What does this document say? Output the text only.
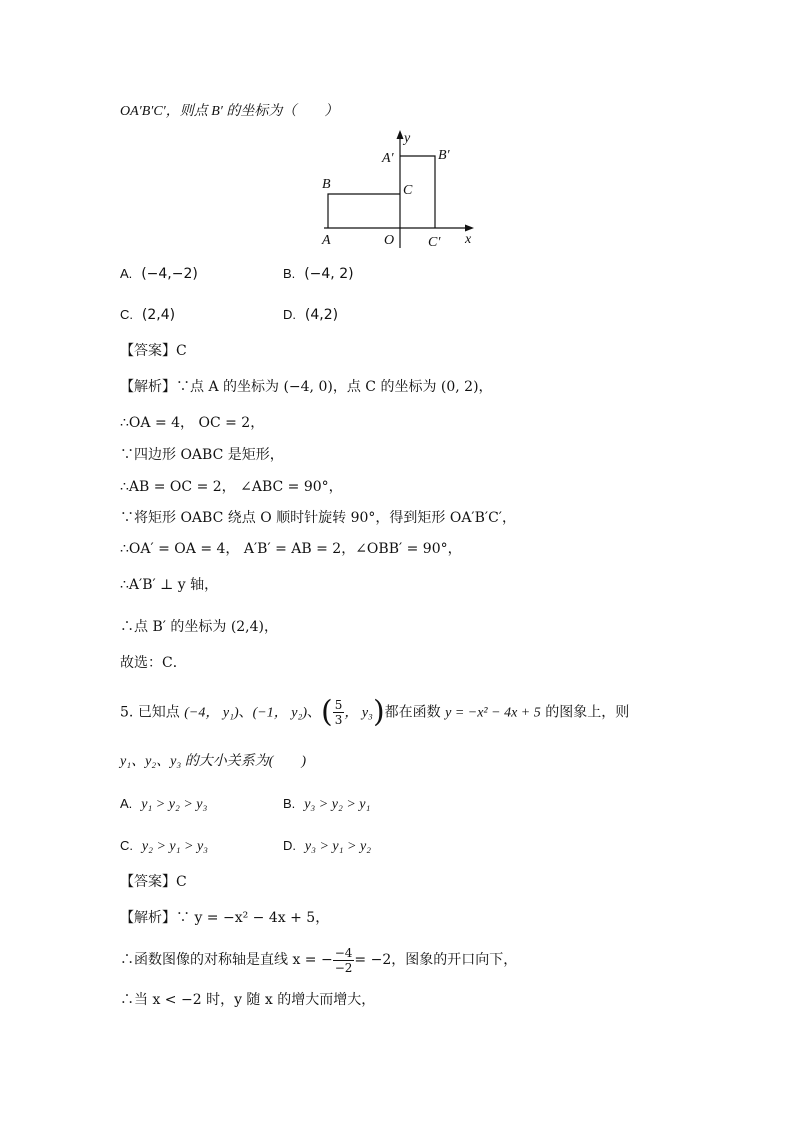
OA′B′C′，则点 B′ 的坐标为（　　）
y
x
A′	B′
B	C
A	O C′
A. (−4,−2)	B. (−4, 2)
C. (2,4)	D. (4,2)
【答案】C
【解析】∵点 A 的坐标为 (−4, 0)，点 C 的坐标为 (0, 2)，
∴OA = 4， OC = 2，
∵四边形 OABC 是矩形，
∴AB = OC = 2， ∠ABC = 90°，
∵将矩形 OABC 绕点 O 顺时针旋转 90°，得到矩形 OA′B′C′，
∴OA′ = OA = 4， A′B′ = AB = 2，∠OBB′ = 90°，
∴A′B′ ⊥ y 轴，
∴点 B′ 的坐标为 (2,4)，
故选：C．
5. 已知点 (−4， y₁)、(−1， y₂)、( $\frac{5}{3}$ ， y₃)都在函数 y = −x² − 4x + 5 的图象上，则
y₁、y₂、y₃ 的大小关系为(　　)
A. y₁ > y₂ > y₃	B. y₃ > y₂ > y₁
C. y₂ > y₁ > y₃	D. y₃ > y₁ > y₂
【答案】C
【解析】∵ y = −x² − 4x + 5，
∴函数图像的对称轴是直线 x = − $\frac{-4}{-2} = -2$，图象的开口向下，
∴当 x < −2 时，y 随 x 的增大而增大，
